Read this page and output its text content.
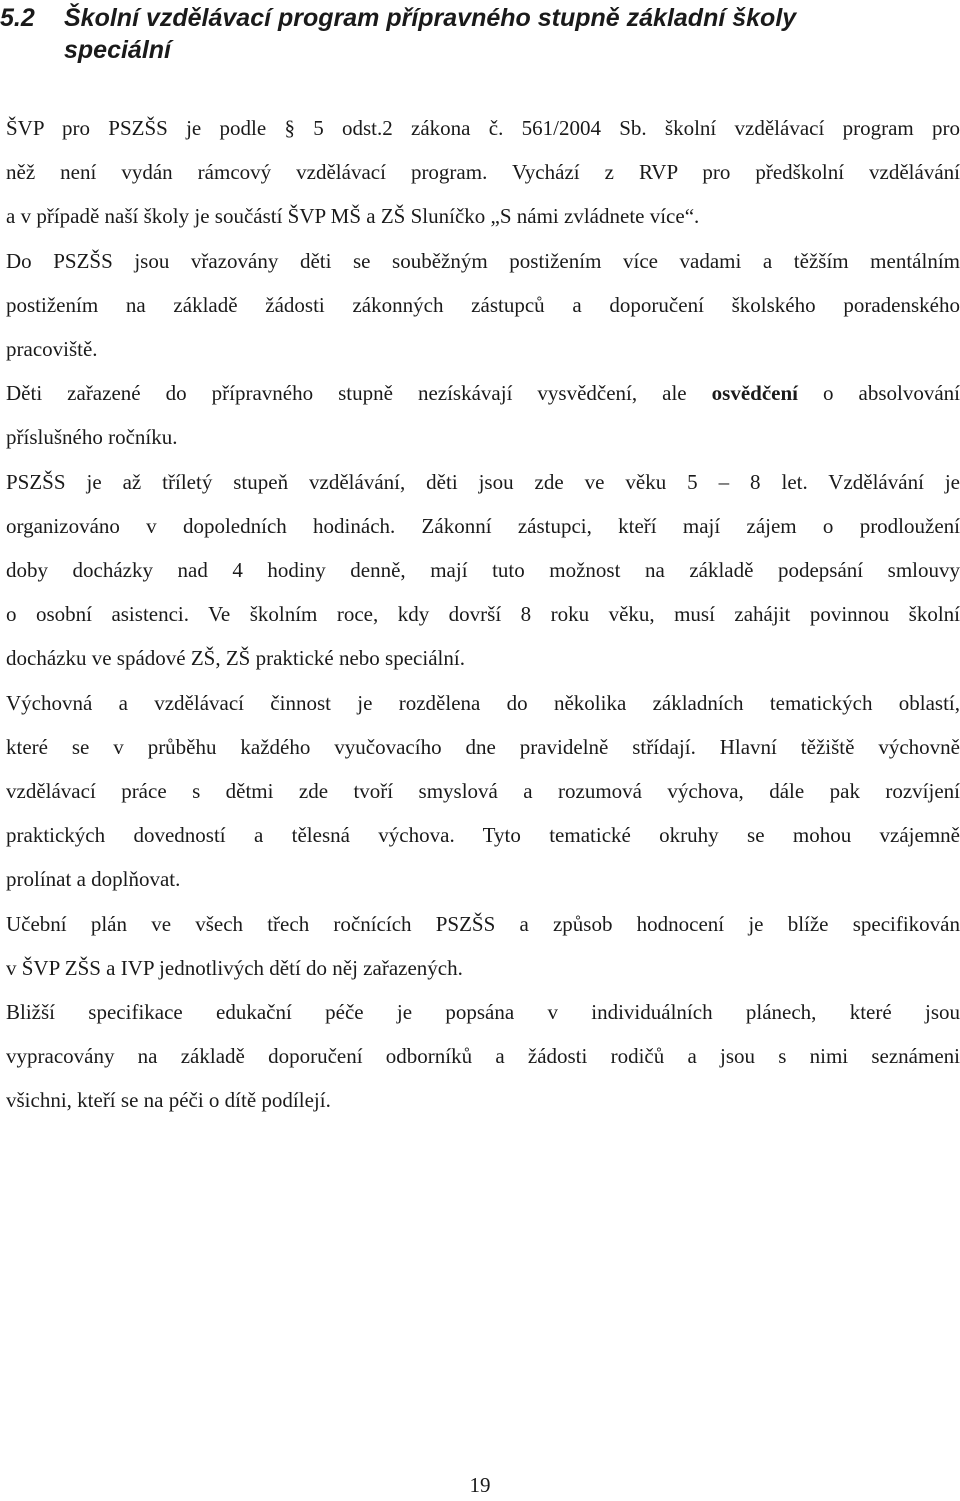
5.2 Školní vzdělávací program přípravného stupně základní školy
speciální

ŠVP pro PSZŠS je podle § 5 odst.2 zákona č. 561/2004 Sb. školní vzdělávací program pro
něž není vydán rámcový vzdělávací program. Vychází z RVP pro předškolní vzdělávání
a v případě naší školy je součástí ŠVP MŠ a ZŠ Sluníčko „S námi zvládnete více“.

Do PSZŠS jsou vřazovány děti se souběžným postižením více vadami a těžším mentálním
postižením na základě žádosti zákonných zástupců a doporučení školského poradenského
pracoviště.

Děti zařazené do přípravného stupně nezískávají vysvědčení, ale osvědčení o absolvování
příslušného ročníku.

PSZŠS je až tříletý stupeň vzdělávání, děti jsou zde ve věku 5 – 8 let. Vzdělávání je
organizováno v dopoledních hodinách. Zákonní zástupci, kteří mají zájem o prodloužení
doby docházky nad 4 hodiny denně, mají tuto možnost na základě podepsání smlouvy
o osobní asistenci. Ve školním roce, kdy dovrší 8 roku věku, musí zahájit povinnou školní
docházku ve spádové ZŠ, ZŠ praktické nebo speciální.

Výchovná a vzdělávací činnost je rozdělena do několika základních tematických oblastí,
které se v průběhu každého vyučovacího dne pravidelně střídají. Hlavní těžiště výchovně
vzdělávací práce s dětmi zde tvoří smyslová a rozumová výchova, dále pak rozvíjení
praktických dovedností a tělesná výchova. Tyto tematické okruhy se mohou vzájemně
prolínat a doplňovat.

Učební plán ve všech třech ročnících PSZŠS a způsob hodnocení je blíže specifikován
v ŠVP ZŠS a IVP jednotlivých dětí do něj zařazených.

Bližší specifikace edukační péče je popsána v individuálních plánech, které jsou
vypracovány na základě doporučení odborníků a žádosti rodičů a jsou s nimi seznámeni
všichni, kteří se na péči o dítě podílejí.

19
